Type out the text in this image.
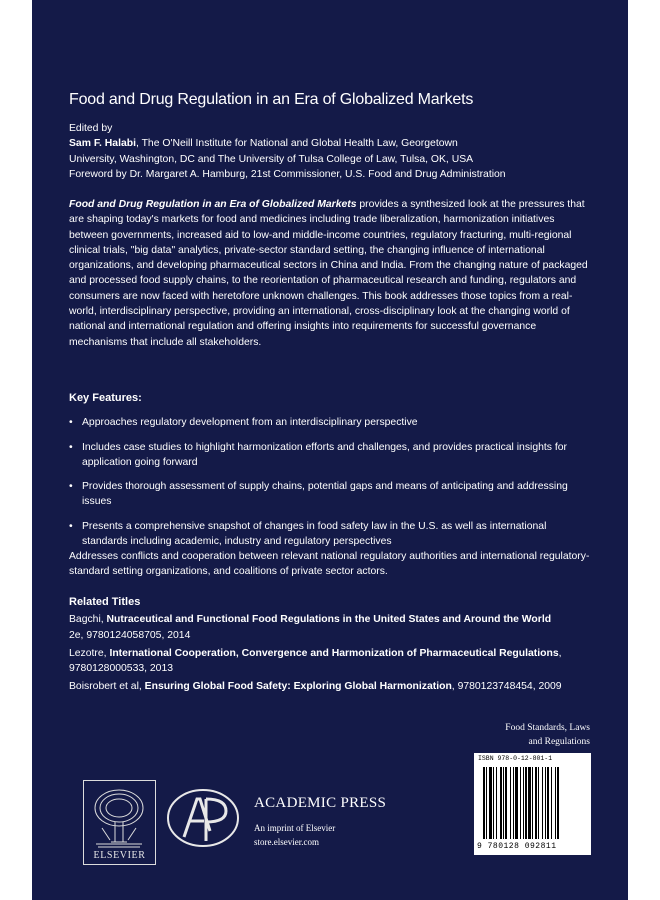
Food and Drug Regulation in an Era of Globalized Markets
Edited by
Sam F. Halabi, The O'Neill Institute for National and Global Health Law, Georgetown
University, Washington, DC and The University of Tulsa College of Law, Tulsa, OK, USA
Foreword by Dr. Margaret A. Hamburg, 21st Commissioner, U.S. Food and Drug Administration
Food and Drug Regulation in an Era of Globalized Markets provides a synthesized look at the pressures that are shaping today's markets for food and medicines including trade liberalization, harmonization initiatives between governments, increased aid to low-and middle-income countries, regulatory fracturing, multi-regional clinical trials, "big data" analytics, private-sector standard setting, the changing influence of international organizations, and developing pharmaceutical sectors in China and India. From the changing nature of packaged and processed food supply chains, to the reorientation of pharmaceutical research and funding, regulators and consumers are now faced with heretofore unknown challenges. This book addresses those topics from a real-world, interdisciplinary perspective, providing an international, cross-disciplinary look at the changing world of national and international regulation and offering insights into requirements for successful governance mechanisms that include all stakeholders.
Key Features:
• Approaches regulatory development from an interdisciplinary perspective
• Includes case studies to highlight harmonization efforts and challenges, and provides practical insights for application going forward
• Provides thorough assessment of supply chains, potential gaps and means of anticipating and addressing issues
• Presents a comprehensive snapshot of changes in food safety law in the U.S. as well as international standards including academic, industry and regulatory perspectives
Addresses conflicts and cooperation between relevant national regulatory authorities and international regulatory-standard setting organizations, and coalitions of private sector actors.

Related Titles

Bagchi, Nutraceutical and Functional Food Regulations in the United States and Around the World

2e, 9780124058705, 2014

Lezotre, International Cooperation, Convergence and Harmonization of Pharmaceutical Regulations, 9780128000533, 2013

Boisrobert et al, Ensuring Global Food Safety: Exploring Global Harmonization, 9780123748454, 2009

Food Standards, Laws
and Regulations
ISBN 978-0-12-801-1
9 780128 092811
ELSEVIER
ACADEMIC PRESS
An imprint of Elsevier
store.elsevier.com
